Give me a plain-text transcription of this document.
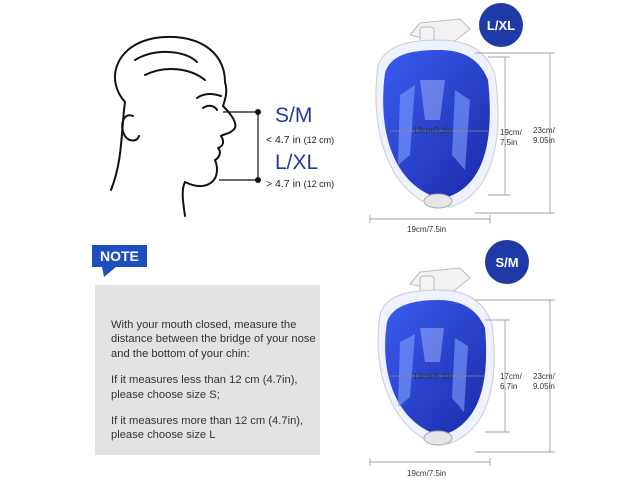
S/M
< 4.7 in (12 cm)
L/XL
> 4.7 in (12 cm)
L/XL
S/M
NOTE

With your mouth closed, measure the distance between the bridge of your nose and the bottom of your chin:

If it measures less than 12 cm (4.7in), please choose size S;

If it measures more than 12 cm (4.7in), please choose size L

13cm/5.1in	19cm/
7.5in
23cm/
9.05in
19cm/7.5in
13cm/5.1in	17cm/
6.7in
23cm/
9.05in
19cm/7.5in
